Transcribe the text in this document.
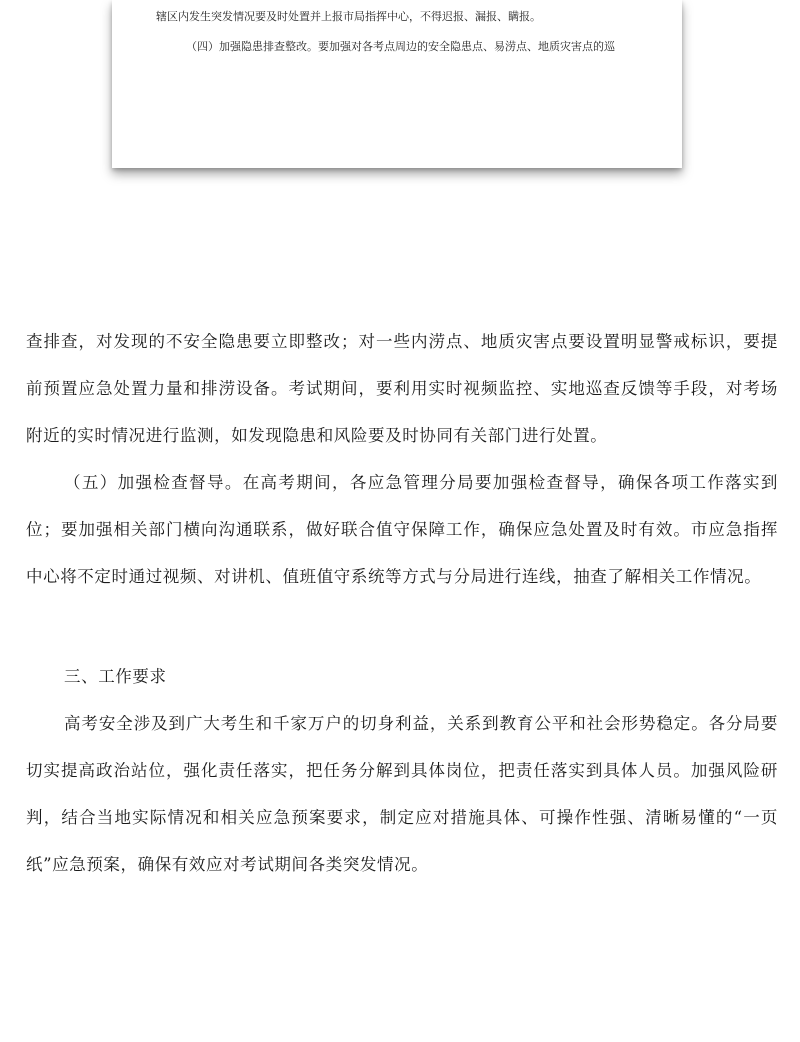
辖区内发生突发情况要及时处置并上报市局指挥中心，不得迟报、漏报、瞒报。
（四）加强隐患排查整改。要加强对各考点周边的安全隐患点、易涝点、地质灾害点的巡

查排查，对发现的不安全隐患要立即整改；对一些内涝点、地质灾害点要设置明显警戒标识，要提前预置应急处置力量和排涝设备。考试期间，要利用实时视频监控、实地巡查反馈等手段，对考场附近的实时情况进行监测，如发现隐患和风险要及时协同有关部门进行处置。

（五）加强检查督导。在高考期间，各应急管理分局要加强检查督导，确保各项工作落实到位；要加强相关部门横向沟通联系，做好联合值守保障工作，确保应急处置及时有效。市应急指挥中心将不定时通过视频、对讲机、值班值守系统等方式与分局进行连线，抽查了解相关工作情况。

三、工作要求

高考安全涉及到广大考生和千家万户的切身利益，关系到教育公平和社会形势稳定。各分局要切实提高政治站位，强化责任落实，把任务分解到具体岗位，把责任落实到具体人员。加强风险研判，结合当地实际情况和相关应急预案要求，制定应对措施具体、可操作性强、清晰易懂的“一页纸”应急预案，确保有效应对考试期间各类突发情况。
